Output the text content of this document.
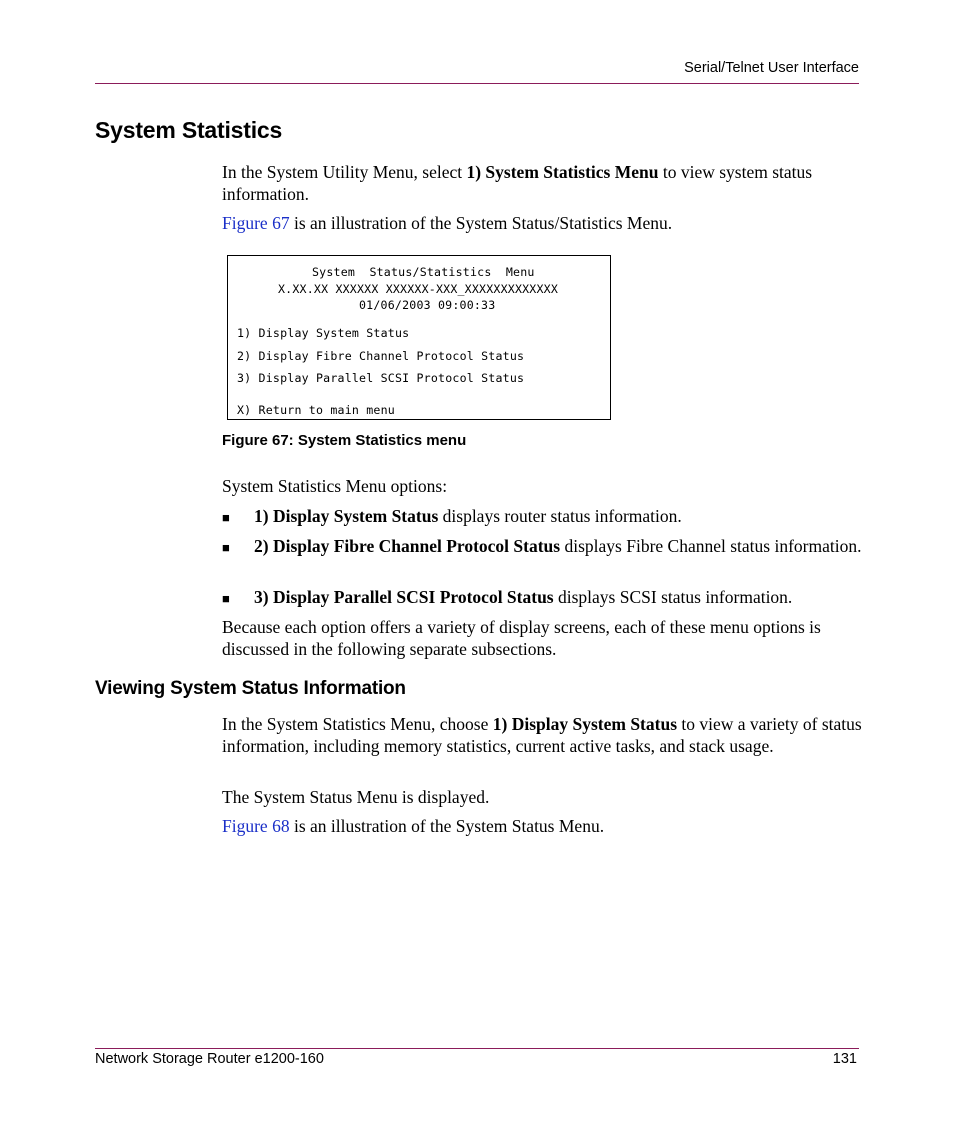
Serial/Telnet User Interface
System Statistics

In the System Utility Menu, select 1) System Statistics Menu to view system status information.

Figure 67 is an illustration of the System Status/Statistics Menu.

System  Status/Statistics  Menu
X.XX.XX XXXXXX XXXXXX-XXX_XXXXXXXXXXXXX
01/06/2003 09:00:33
1) Display System Status
2) Display Fibre Channel Protocol Status
3) Display Parallel SCSI Protocol Status
X) Return to main menu
Figure 67: System Statistics menu

System Statistics Menu options:

■ 1) Display System Status displays router status information.

■ 2) Display Fibre Channel Protocol Status displays Fibre Channel status information.

■ 3) Display Parallel SCSI Protocol Status displays SCSI status information.

Because each option offers a variety of display screens, each of these menu options is discussed in the following separate subsections.

Viewing System Status Information

In the System Statistics Menu, choose 1) Display System Status to view a variety of status information, including memory statistics, current active tasks, and stack usage.

The System Status Menu is displayed.

Figure 68 is an illustration of the System Status Menu.

Network Storage Router e1200-160	131
